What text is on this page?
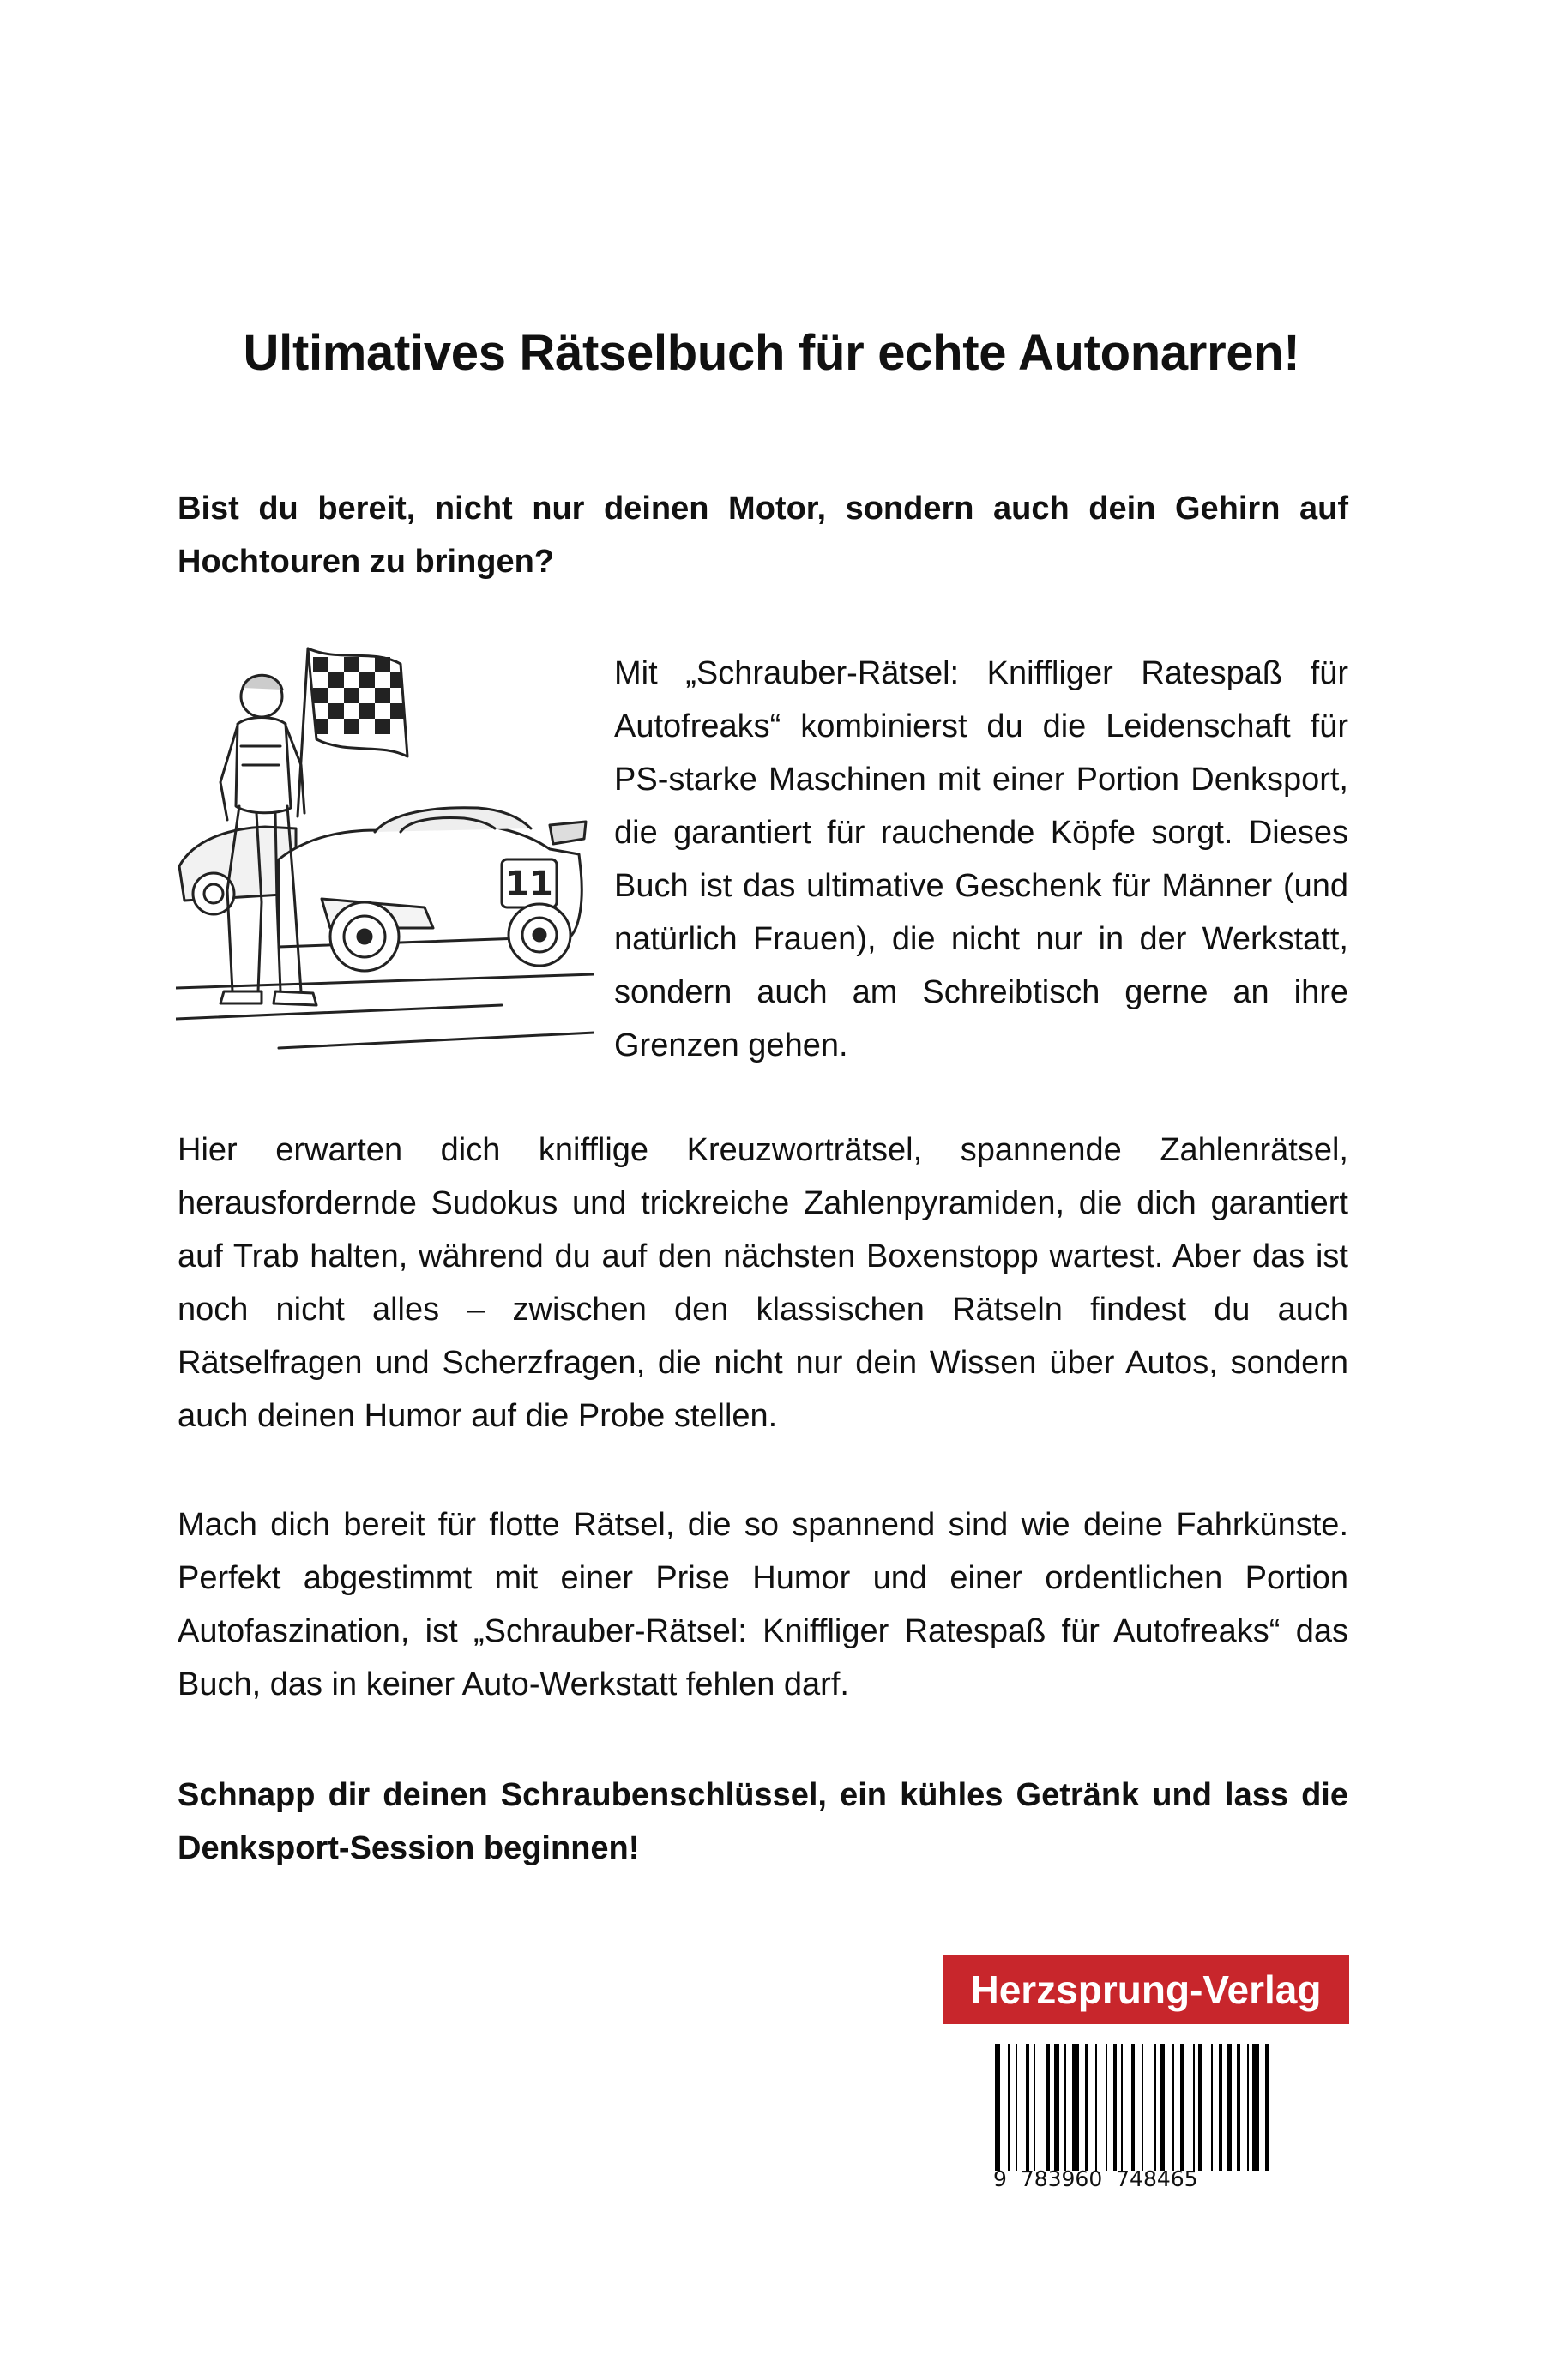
Ultimatives Rätselbuch für echte Autonarren!

Bist du bereit, nicht nur deinen Motor, sondern auch dein Gehirn auf Hochtouren zu bringen?

11

Mit „Schrauber-Rätsel: Kniffliger Ratespaß für Autofreaks“ kombinierst du die Leidenschaft für PS-starke Maschinen mit einer Portion Denksport, die garantiert für rauchende Köpfe sorgt. Dieses Buch ist das ultimative Geschenk für Männer (und natürlich Frauen), die nicht nur in der Werkstatt, sondern auch am Schreibtisch gerne an ihre Grenzen gehen.

Hier erwarten dich knifflige Kreuzworträtsel, spannende Zahlenrätsel, herausfordernde Sudokus und trickreiche Zahlenpyramiden, die dich garantiert auf Trab halten, während du auf den nächsten Boxenstopp wartest. Aber das ist noch nicht alles – zwischen den klassischen Rätseln findest du auch Rätselfragen und Scherzfragen, die nicht nur dein Wissen über Autos, sondern auch deinen Humor auf die Probe stellen.

Mach dich bereit für flotte Rätsel, die so spannend sind wie deine Fahrkünste. Perfekt abgestimmt mit einer Prise Humor und einer ordentlichen Portion Autofaszination, ist „Schrauber-Rätsel: Kniffliger Ratespaß für Autofreaks“ das Buch, das in keiner Auto-Werkstatt fehlen darf.

Schnapp dir deinen Schraubenschlüssel, ein kühles Getränk und lass die Denksport-Session beginnen!

Herzsprung-Verlag
9  783960  748465
